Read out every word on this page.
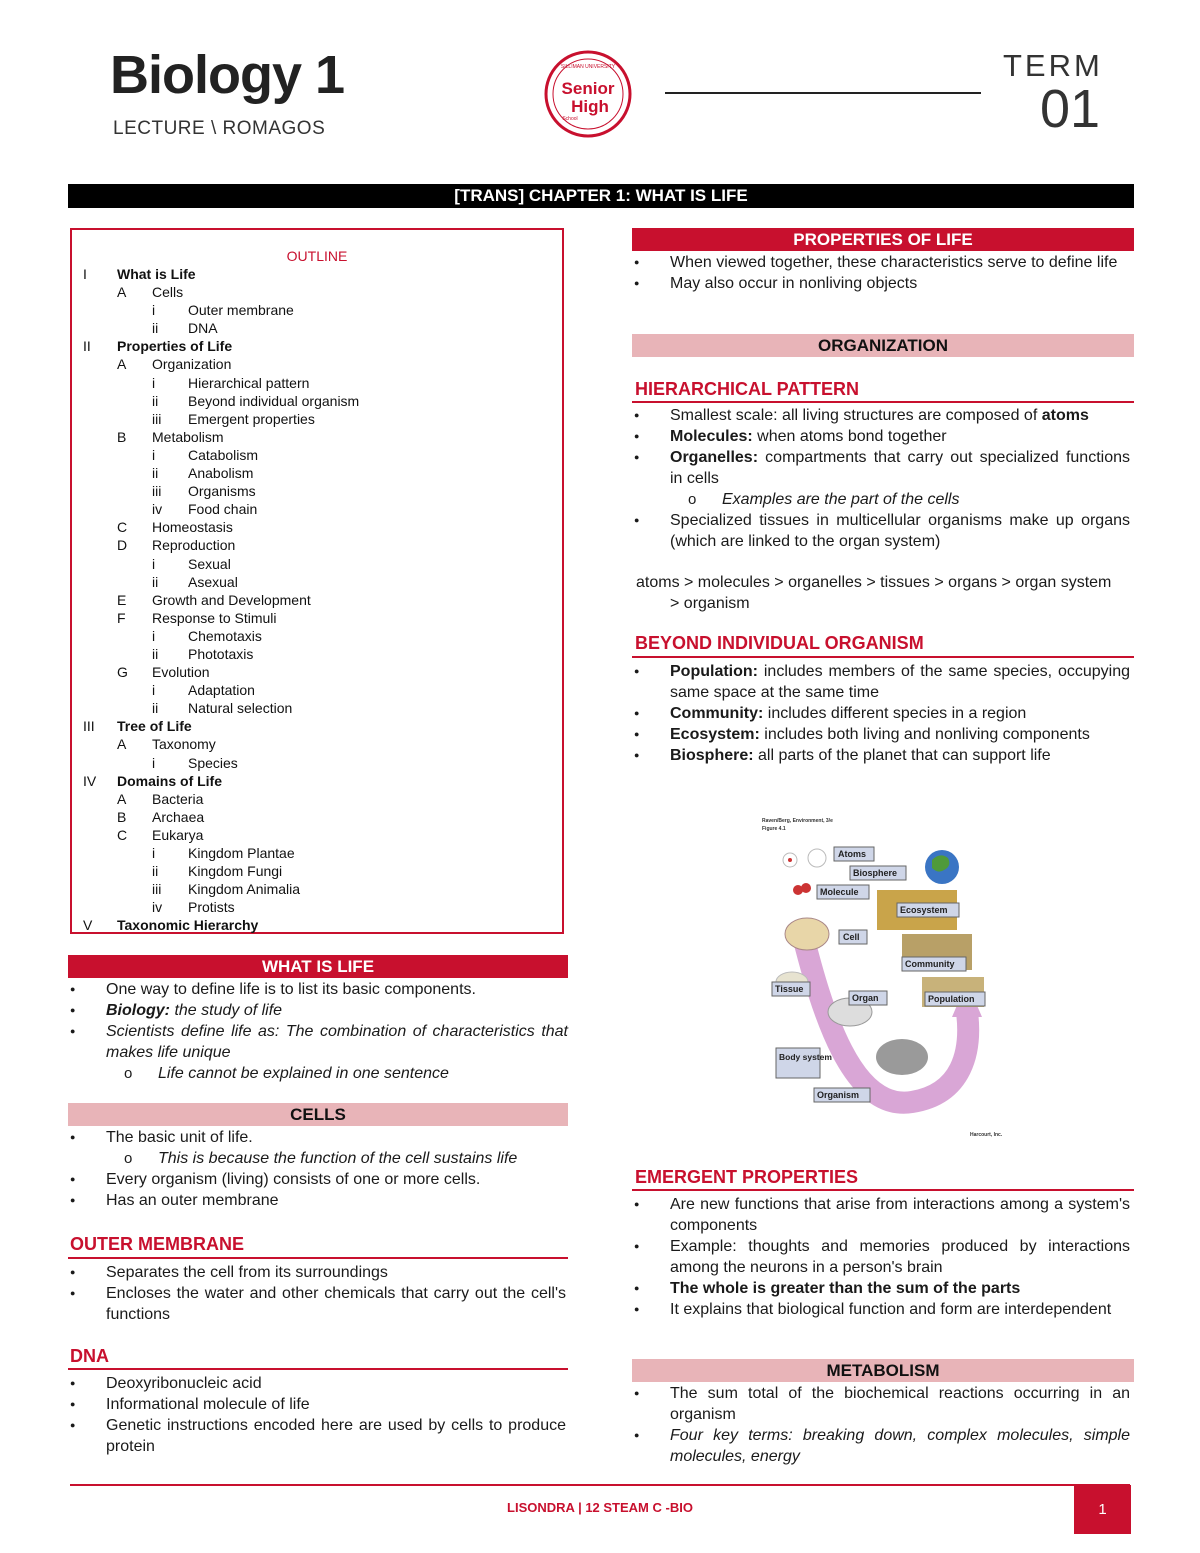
Biology 1
LECTURE \ ROMAGOS
SILLIMAN UNIVERSITY
Senior
High
School
TERM
01
[TRANS] CHAPTER 1: WHAT IS LIFE
OUTLINE
I What is Life
A Cells
i Outer membrane
ii DNA
II Properties of Life
A Organization
i Hierarchical pattern
ii Beyond individual organism
iii Emergent properties
B Metabolism
i Catabolism
ii Anabolism
iii Organisms
iv Food chain
C Homeostasis
D Reproduction
i Sexual
ii Asexual
E Growth and Development
F Response to Stimuli
i Chemotaxis
ii Phototaxis
G Evolution
i Adaptation
ii Natural selection
III Tree of Life
A Taxonomy
i Species
IV Domains of Life
A Bacteria
B Archaea
C Eukarya
i Kingdom Plantae
ii Kingdom Fungi
iii Kingdom Animalia
iv Protists
V Taxonomic Hierarchy
WHAT IS LIFE
● One way to define life is to list its basic components.
● Biology: the study of life
● Scientists define life as: The combination of characteristics that makes life unique
o Life cannot be explained in one sentence
CELLS
● The basic unit of life.
o This is because the function of the cell sustains life
● Every organism (living) consists of one or more cells.
● Has an outer membrane
OUTER MEMBRANE
● Separates the cell from its surroundings
● Encloses the water and other chemicals that carry out the cell's functions
DNA
● Deoxyribonucleic acid
● Informational molecule of life
● Genetic instructions encoded here are used by cells to produce protein
PROPERTIES OF LIFE
● When viewed together, these characteristics serve to define life
● May also occur in nonliving objects
ORGANIZATION
HIERARCHICAL PATTERN
● Smallest scale: all living structures are composed of atoms
● Molecules: when atoms bond together
● Organelles: compartments that carry out specialized functions in cells
o Examples are the part of the cells
● Specialized tissues in multicellular organisms make up organs (which are linked to the organ system)
atoms > molecules > organelles > tissues > organs > organ system > organism
BEYOND INDIVIDUAL ORGANISM
● Population: includes members of the same species, occupying same space at the same time
● Community: includes different species in a region
● Ecosystem: includes both living and nonliving components
● Biosphere: all parts of the planet that can support life
Raven/Berg, Environment, 3/e
Figure 4.1
Atoms
Biosphere
Molecule
Ecosystem
Cell
Community
Tissue
Organ	Population
Body system
Organism
Harcourt, Inc.
EMERGENT PROPERTIES
● Are new functions that arise from interactions among a system's components
● Example: thoughts and memories produced by interactions among the neurons in a person's brain
● The whole is greater than the sum of the parts
● It explains that biological function and form are interdependent
METABOLISM
● The sum total of the biochemical reactions occurring in an organism
● Four key terms: breaking down, complex molecules, simple molecules, energy
LISONDRA | 12 STEAM C -BIO	1
